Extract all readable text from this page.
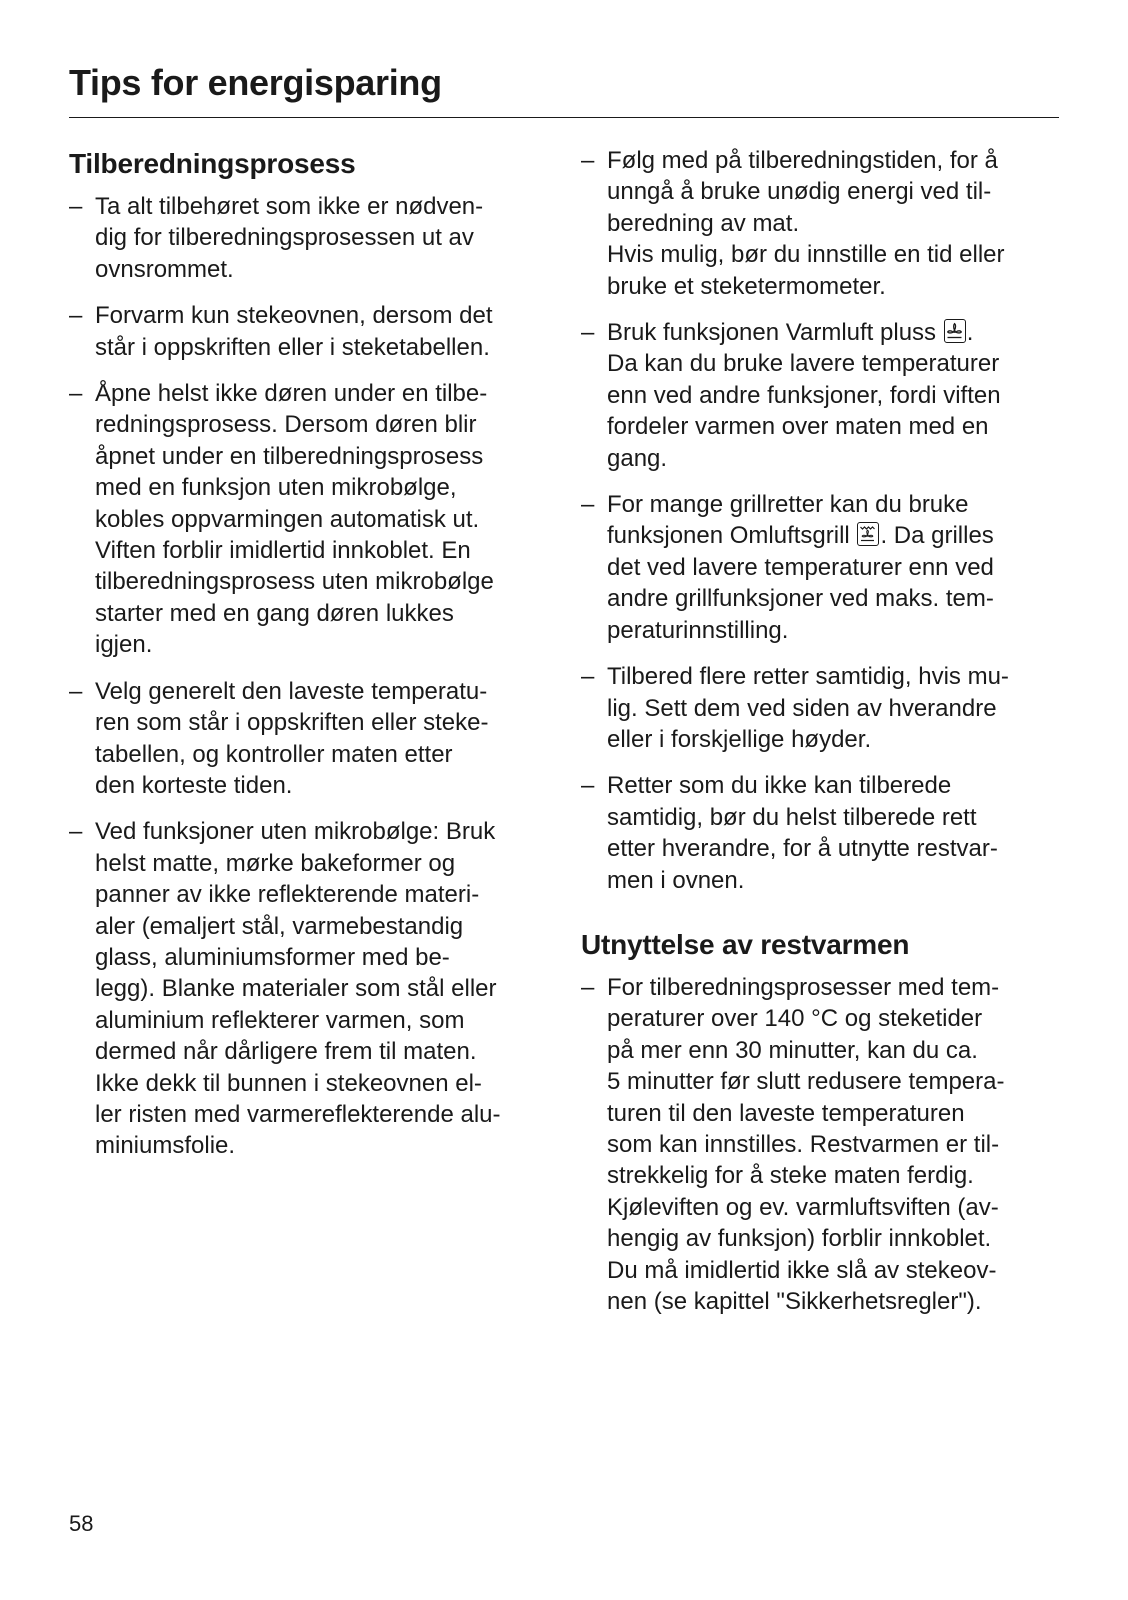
Tips for energisparing
Tilberedningsprosess
– Ta alt tilbehøret som ikke er nødven-
dig for tilberedningsprosessen ut av
ovnsrommet.
– Forvarm kun stekeovnen, dersom det
står i oppskriften eller i steketabellen.
– Åpne helst ikke døren under en tilbe-
redningsprosess. Dersom døren blir
åpnet under en tilberedningsprosess
med en funksjon uten mikrobølge,
kobles oppvarmingen automatisk ut.
Viften forblir imidlertid innkoblet. En
tilberedningsprosess uten mikrobølge
starter med en gang døren lukkes
igjen.
– Velg generelt den laveste temperatu-
ren som står i oppskriften eller steke-
tabellen, og kontroller maten etter
den korteste tiden.
– Ved funksjoner uten mikrobølge: Bruk
helst matte, mørke bakeformer og
panner av ikke reflekterende materi-
aler (emaljert stål, varmebestandig
glass, aluminiumsformer med be-
legg). Blanke materialer som stål eller
aluminium reflekterer varmen, som
dermed når dårligere frem til maten.
Ikke dekk til bunnen i stekeovnen el-
ler risten med varmereflekterende alu-
miniumsfolie.
– Følg med på tilberedningstiden, for å
unngå å bruke unødig energi ved til-
beredning av mat.
Hvis mulig, bør du innstille en tid eller
bruke et steketermometer.
– Bruk funksjonen Varmluft pluss
.
Da kan du bruke lavere temperaturer
enn ved andre funksjoner, fordi viften
fordeler varmen over maten med en
gang.
– For mange grillretter kan du bruke
funksjonen Omluftsgrill
. Da grilles
det ved lavere temperaturer enn ved
andre grillfunksjoner ved maks. tem-
peraturinnstilling.
– Tilbered flere retter samtidig, hvis mu-
lig. Sett dem ved siden av hverandre
eller i forskjellige høyder.
– Retter som du ikke kan tilberede
samtidig, bør du helst tilberede rett
etter hverandre, for å utnytte restvar-
men i ovnen.
Utnyttelse av restvarmen
– For tilberedningsprosesser med tem-
peraturer over 140 °C og steketider
på mer enn 30 minutter, kan du ca.
5 minutter før slutt redusere tempera-
turen til den laveste temperaturen
som kan innstilles. Restvarmen er til-
strekkelig for å steke maten ferdig.
Kjøleviften og ev. varmluftsviften (av-
hengig av funksjon) forblir innkoblet.
Du må imidlertid ikke slå av stekeov-
nen (se kapittel "Sikkerhetsregler").
58
